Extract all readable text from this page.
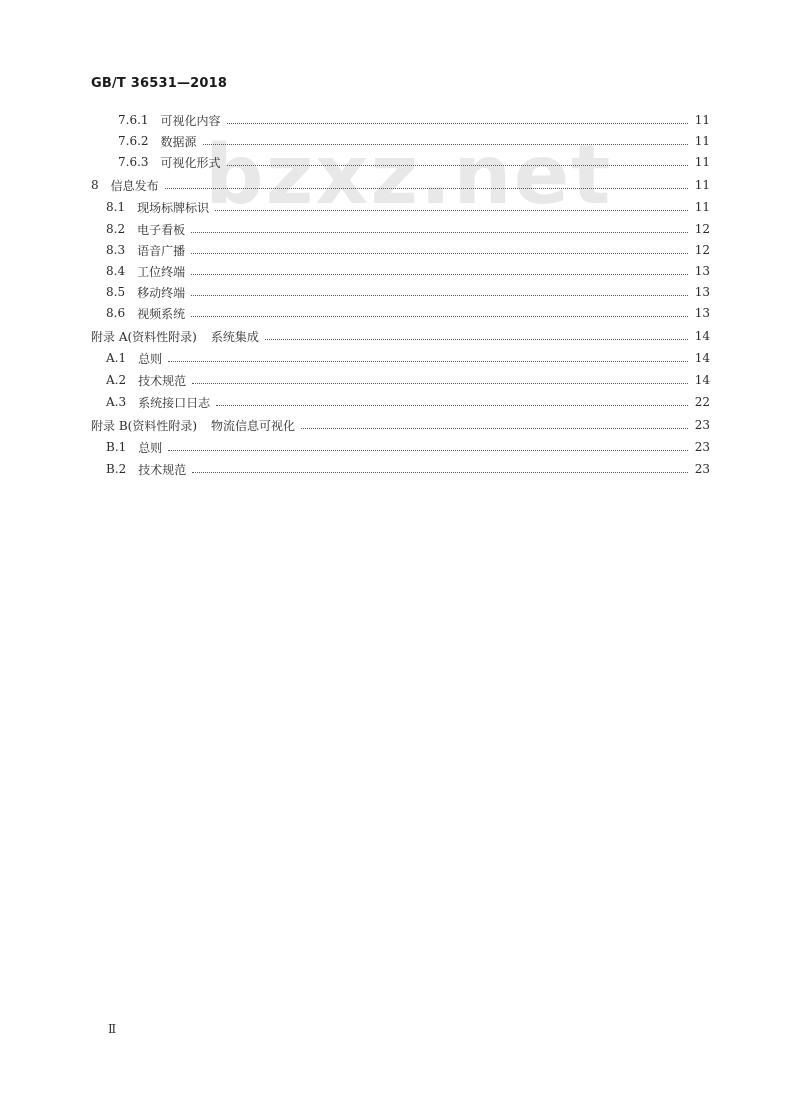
GB/T 36531—2018
bzxz.net
7.6.1 可视化内容	11
7.6.2 数据源	11
7.6.3 可视化形式	11
8 信息发布	11
8.1 现场标牌标识	11
8.2 电子看板	12
8.3 语音广播	12
8.4 工位终端	13
8.5 移动终端	13
8.6 视频系统	13
附录 A (资料性附录) 系统集成	14
A.1 总则	14
A.2 技术规范	14
A.3 系统接口日志	22
附录 B (资料性附录) 物流信息可视化	23
B.1 总则	23
B.2 技术规范	23
Ⅱ
